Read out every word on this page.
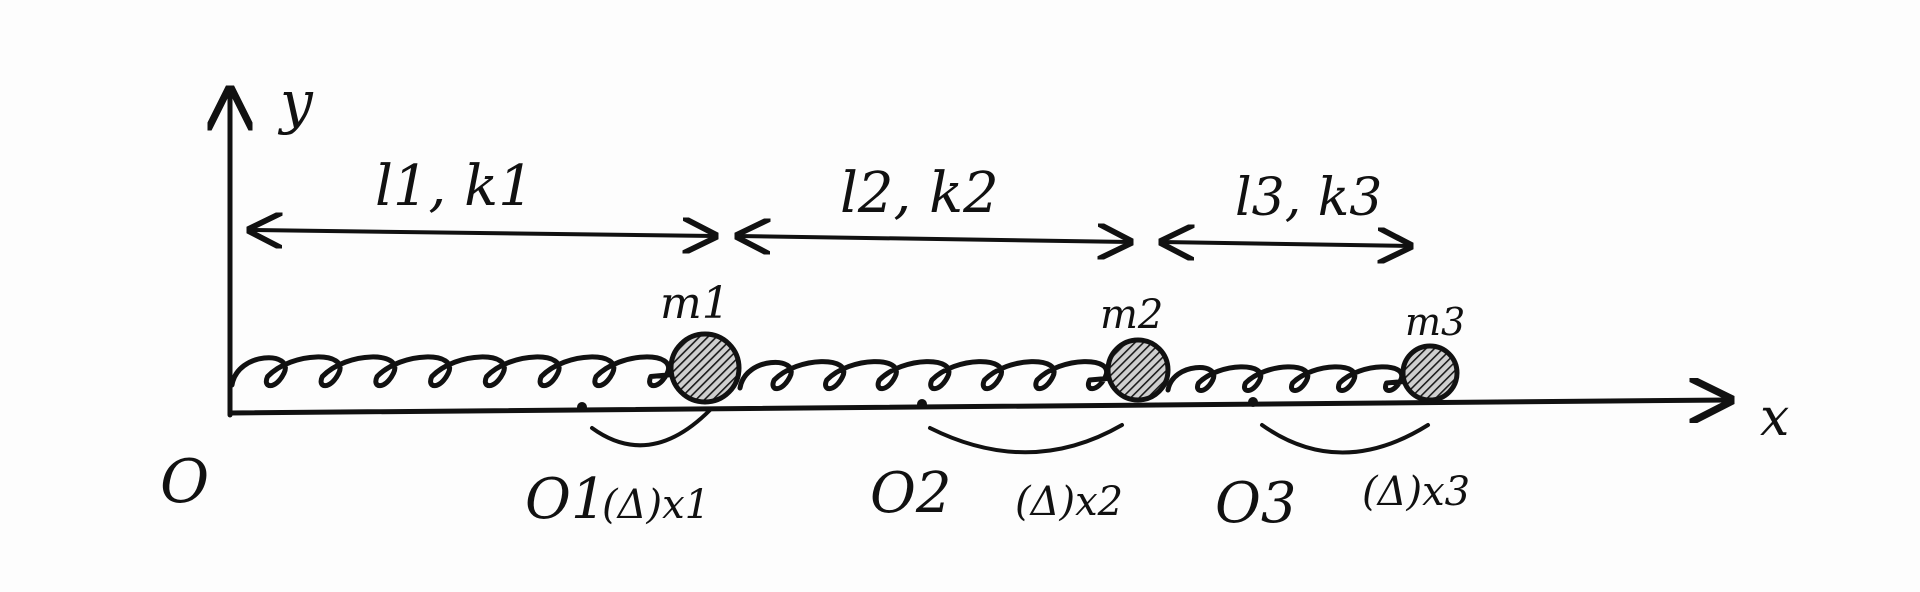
y
x
O
l1, k1	l2, k2	l3, k3
m1	m2	m3
O1	O2	O3
(Δ)x1	(Δ)x2	(Δ)x3
